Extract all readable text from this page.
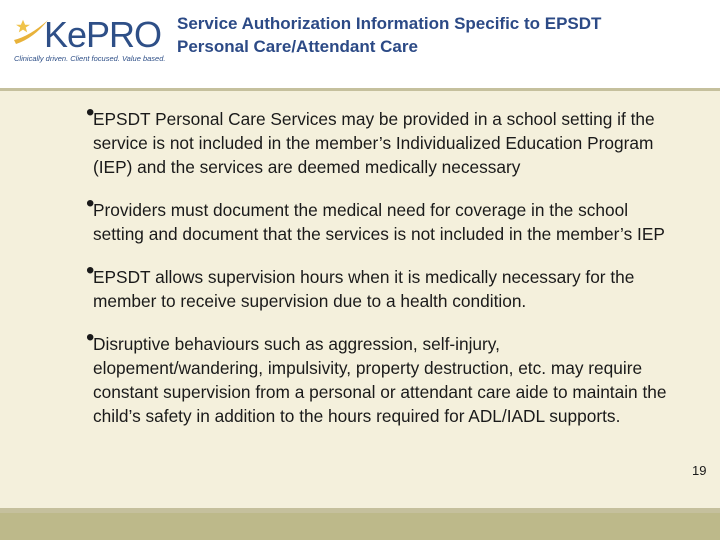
KePRO
Clinically driven. Client focused. Value based.
Service Authorization Information Specific to EPSDT
Personal Care/Attendant Care
•
EPSDT Personal Care Services may be provided in a school setting if the service is not included in the member’s Individualized Education Program (IEP) and the services are deemed medically necessary
•
Providers must document the medical need for coverage in the school setting and document that the services is not included in the member’s IEP
•
EPSDT allows supervision hours when it is medically necessary for the member to receive supervision due to a health condition.
•
Disruptive behaviours such as aggression, self-injury, elopement/wandering, impulsivity, property destruction, etc. may require constant supervision from a personal or attendant care aide to maintain the child’s safety in addition to the hours required for ADL/IADL supports.
19
